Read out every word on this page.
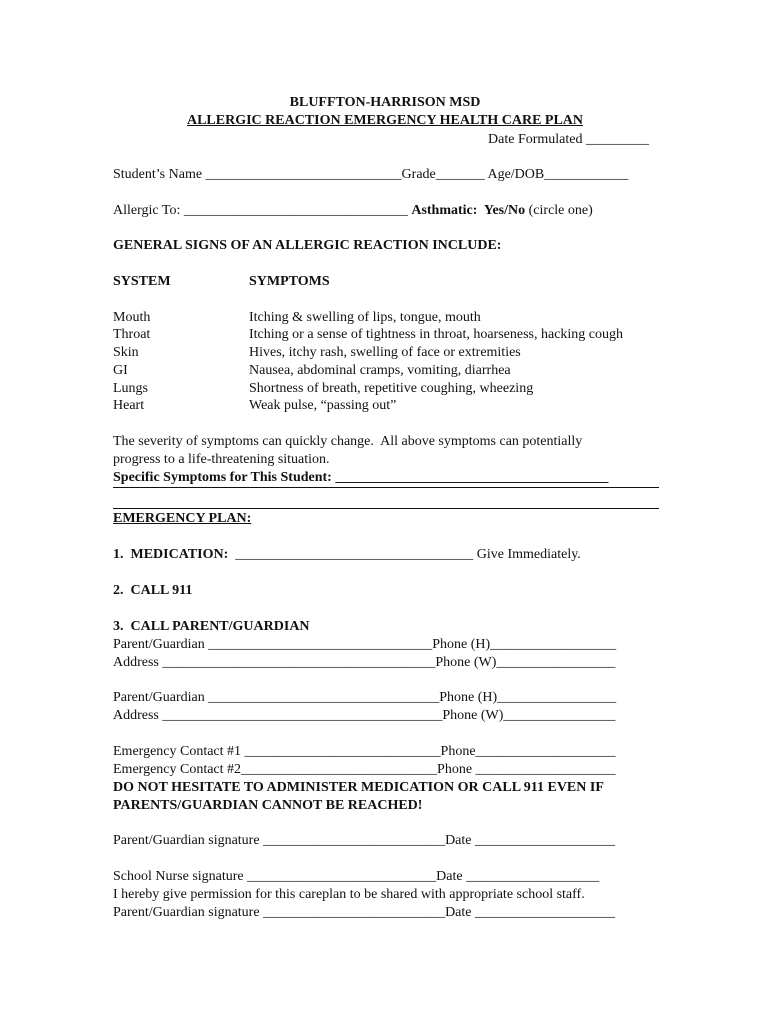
BLUFFTON-HARRISON MSD
ALLERGIC REACTION EMERGENCY HEALTH CARE PLAN
Date Formulated _________
Student’s Name ____________________________Grade_______ Age/DOB____________
Allergic To: ________________________________ Asthmatic:  Yes/No (circle one)
GENERAL SIGNS OF AN ALLERGIC REACTION INCLUDE:
SYSTEM	SYMPTOMS
Mouth	Itching & swelling of lips, tongue, mouth
Throat	Itching or a sense of tightness in throat, hoarseness, hacking cough
Skin	Hives, itchy rash, swelling of face or extremities
GI	Nausea, abdominal cramps, vomiting, diarrhea
Lungs	Shortness of breath, repetitive coughing, wheezing
Heart	Weak pulse, “passing out”
The severity of symptoms can quickly change.  All above symptoms can potentially
progress to a life-threatening situation.
Specific Symptoms for This Student: _______________________________________
EMERGENCY PLAN:
1.  MEDICATION:  __________________________________ Give Immediately.
2.  CALL 911
3.  CALL PARENT/GUARDIAN
Parent/Guardian ________________________________Phone (H)__________________
Address _______________________________________Phone (W)_________________
Parent/Guardian _________________________________Phone (H)_________________
Address ________________________________________Phone (W)________________
Emergency Contact #1 ____________________________Phone____________________
Emergency Contact #2____________________________Phone ____________________
DO NOT HESITATE TO ADMINISTER MEDICATION OR CALL 911 EVEN IF
PARENTS/GUARDIAN CANNOT BE REACHED!
Parent/Guardian signature __________________________Date ____________________
School Nurse signature ___________________________Date ___________________
I hereby give permission for this careplan to be shared with appropriate school staff.
Parent/Guardian signature __________________________Date ____________________
